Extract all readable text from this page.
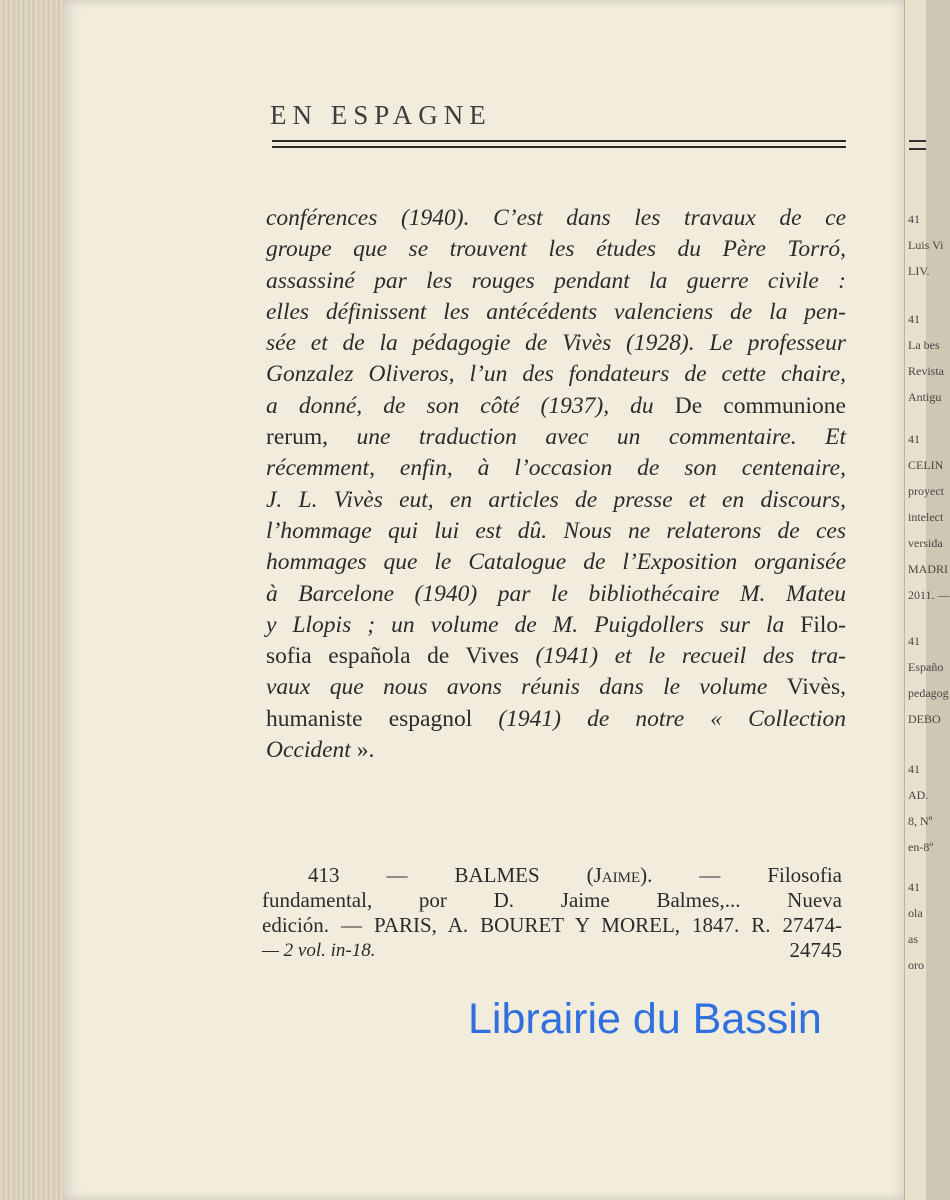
41
Luis Vi
LIV.
41
La bes
Revista
Antigu
41
CELIN
proyect
intelect
versida
MADRI
2011. —
41
Españo
pedagog
DEBO
41
AD.
8, Nº
en-8º
41
ola
as
oro
EN ESPAGNE

conférences (1940). C’est dans les travaux de ce
groupe que se trouvent les études du Père Torró,
assassiné par les rouges pendant la guerre civile :
elles définissent les antécédents valenciens de la pen-
sée et de la pédagogie de Vivès (1928). Le professeur
Gonzalez Oliveros, l’un des fondateurs de cette chaire,
a donné, de son côté (1937), du De communione
rerum, une traduction avec un commentaire. Et
récemment, enfin, à l’occasion de son centenaire,
J. L. Vivès eut, en articles de presse et en discours,
l’hommage qui lui est dû. Nous ne relaterons de ces
hommages que le Catalogue de l’Exposition organisée
à Barcelone (1940) par le bibliothécaire M. Mateu
y Llopis ; un volume de M. Puigdollers sur la Filo-
sofia española de Vives (1941) et le recueil des tra-
vaux que nous avons réunis dans le volume Vivès,
humaniste espagnol (1941) de notre « Collection
Occident ».

413 — BALMES (Jaime). — Filosofia
fundamental, por D. Jaime Balmes,... Nueva
edición. — PARIS, A. BOURET Y MOREL, 1847. R. 27474-
— 2 vol. in-18.	24745
Librairie du Bassin
